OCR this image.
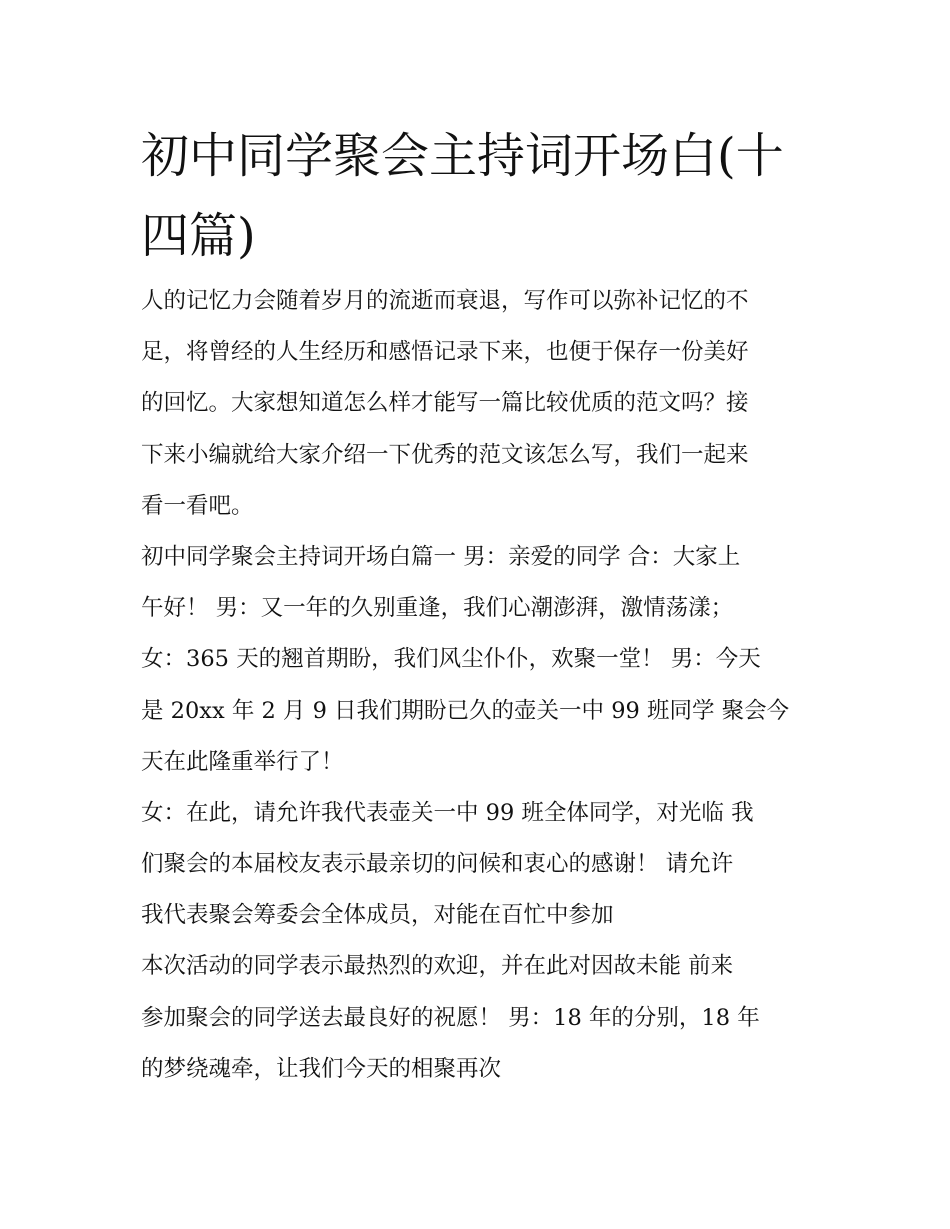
初中同学聚会主持词开场白(十
四篇)
人的记忆力会随着岁月的流逝而衰退，写作可以弥补记忆的不
足，将曾经的人生经历和感悟记录下来，也便于保存一份美好
的回忆。大家想知道怎么样才能写一篇比较优质的范文吗？接
下来小编就给大家介绍一下优秀的范文该怎么写，我们一起来
看一看吧。
初中同学聚会主持词开场白篇一 男：亲爱的同学 合：大家上
午好！ 男：又一年的久别重逢，我们心潮澎湃，激情荡漾；
女：365 天的翘首期盼，我们风尘仆仆，欢聚一堂！ 男：今天
是 20xx 年 2 月 9 日我们期盼已久的壶关一中 99 班同学 聚会今
天在此隆重举行了！
女：在此，请允许我代表壶关一中 99 班全体同学，对光临 我
们聚会的本届校友表示最亲切的问候和衷心的感谢！ 请允许
我代表聚会筹委会全体成员，对能在百忙中参加
本次活动的同学表示最热烈的欢迎，并在此对因故未能 前来
参加聚会的同学送去最良好的祝愿！ 男：18 年的分别，18 年
的梦绕魂牵，让我们今天的相聚再次
